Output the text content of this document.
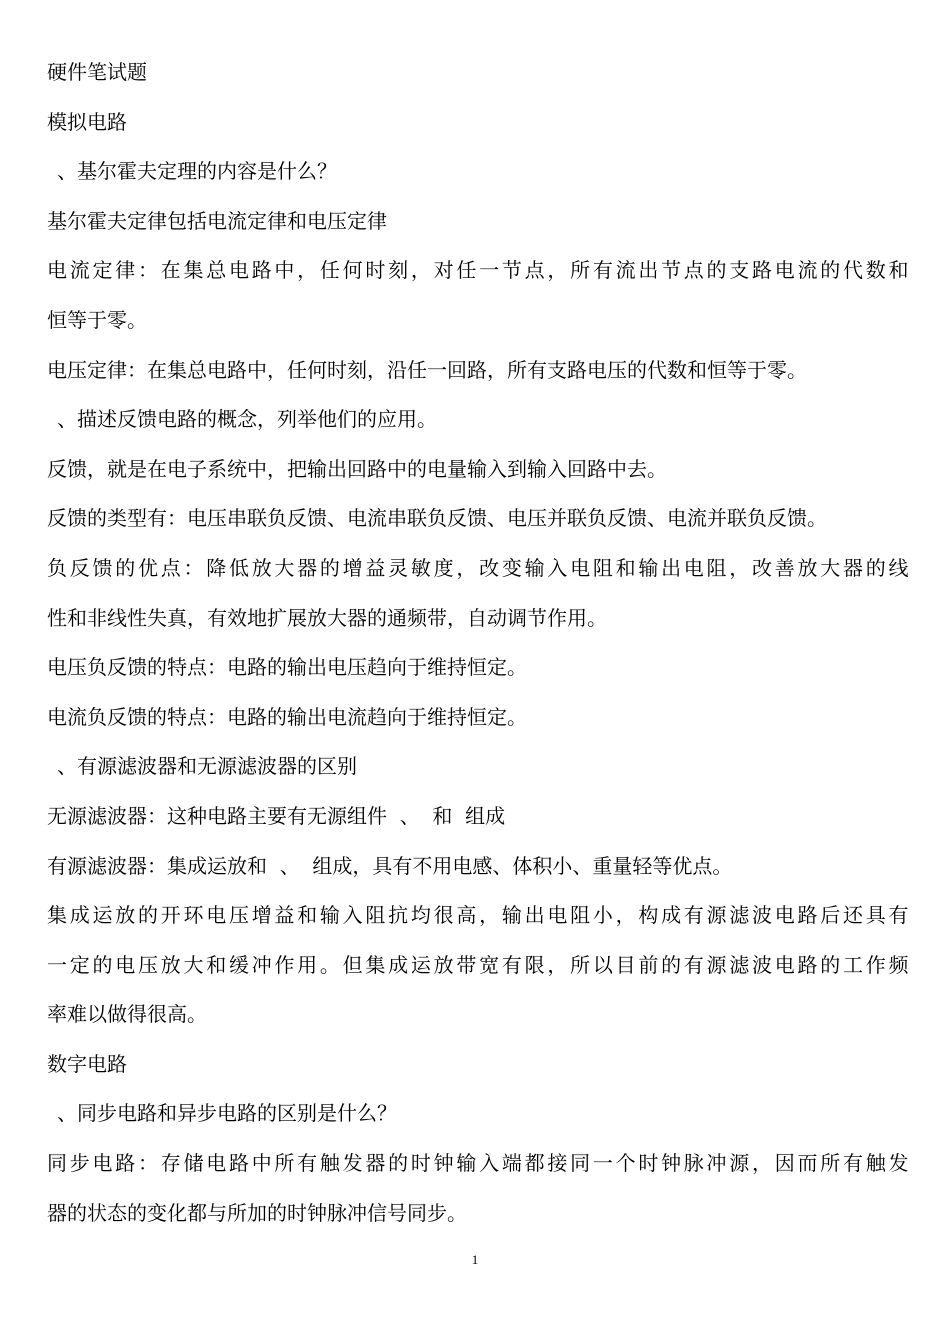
硬件笔试题
模拟电路
、基尔霍夫定理的内容是什么？
基尔霍夫定律包括电流定律和电压定律
电流定律：在集总电路中，任何时刻，对任一节点，所有流出节点的支路电流的代数和
恒等于零。
电压定律：在集总电路中，任何时刻，沿任一回路，所有支路电压的代数和恒等于零。
、描述反馈电路的概念，列举他们的应用。
反馈，就是在电子系统中，把输出回路中的电量输入到输入回路中去。
反馈的类型有：电压串联负反馈、电流串联负反馈、电压并联负反馈、电流并联负反馈。
负反馈的优点：降低放大器的增益灵敏度，改变输入电阻和输出电阻，改善放大器的线
性和非线性失真，有效地扩展放大器的通频带，自动调节作用。
电压负反馈的特点：电路的输出电压趋向于维持恒定。
电流负反馈的特点：电路的输出电流趋向于维持恒定。
、有源滤波器和无源滤波器的区别
无源滤波器：这种电路主要有无源组件  、  和  组成
有源滤波器：集成运放和  、  组成，具有不用电感、体积小、重量轻等优点。
集成运放的开环电压增益和输入阻抗均很高，输出电阻小，构成有源滤波电路后还具有
一定的电压放大和缓冲作用。但集成运放带宽有限，所以目前的有源滤波电路的工作频
率难以做得很高。
数字电路
、同步电路和异步电路的区别是什么？
同步电路：存储电路中所有触发器的时钟输入端都接同一个时钟脉冲源，因而所有触发
器的状态的变化都与所加的时钟脉冲信号同步。
1
